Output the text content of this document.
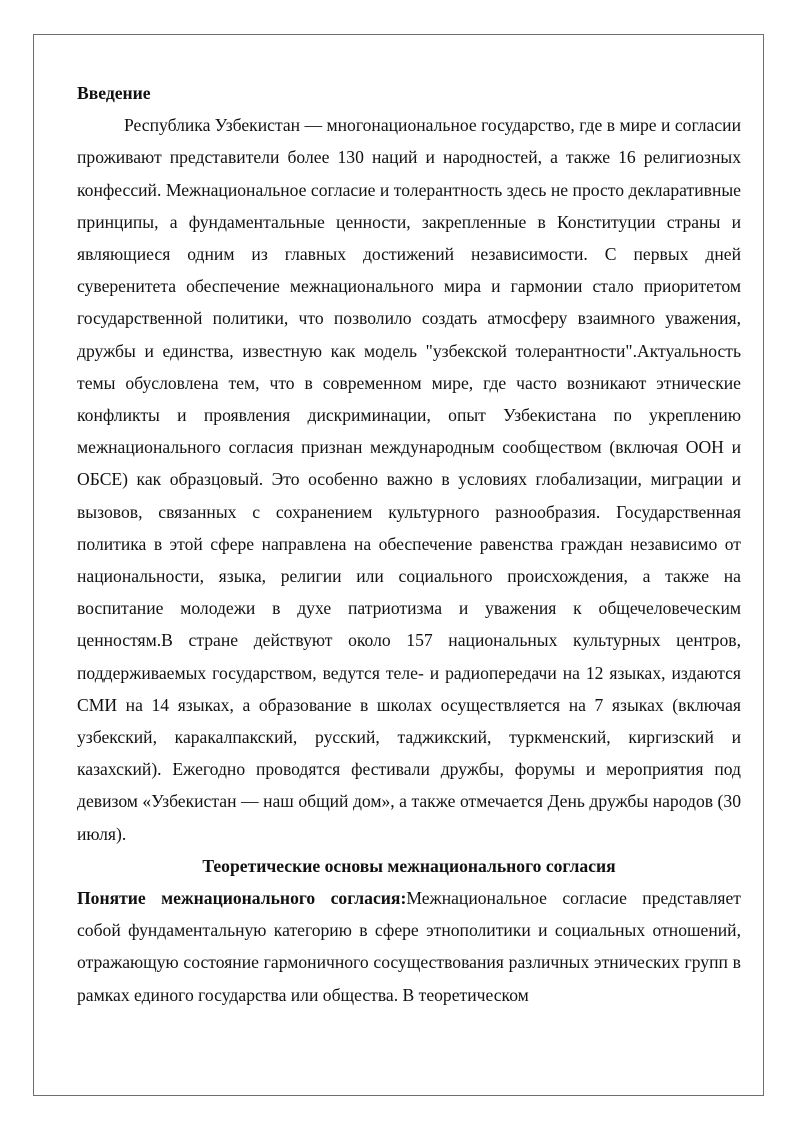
Введение

Республика Узбекистан — многонациональное государство, где в мире и согласии проживают представители более 130 наций и народностей, а также 16 религиозных конфессий. Межнациональное согласие и толерантность здесь не просто декларативные принципы, а фундаментальные ценности, закрепленные в Конституции страны и являющиеся одним из главных достижений независимости. С первых дней суверенитета обеспечение межнационального мира и гармонии стало приоритетом государственной политики, что позволило создать атмосферу взаимного уважения, дружбы и единства, известную как модель "узбекской толерантности".Актуальность темы обусловлена тем, что в современном мире, где часто возникают этнические конфликты и проявления дискриминации, опыт Узбекистана по укреплению межнационального согласия признан международным сообществом (включая ООН и ОБСЕ) как образцовый. Это особенно важно в условиях глобализации, миграции и вызовов, связанных с сохранением культурного разнообразия. Государственная политика в этой сфере направлена на обеспечение равенства граждан независимо от национальности, языка, религии или социального происхождения, а также на воспитание молодежи в духе патриотизма и уважения к общечеловеческим ценностям.В стране действуют около 157 национальных культурных центров, поддерживаемых государством, ведутся теле- и радиопередачи на 12 языках, издаются СМИ на 14 языках, а образование в школах осуществляется на 7 языках (включая узбекский, каракалпакский, русский, таджикский, туркменский, киргизский и казахский). Ежегодно проводятся фестивали дружбы, форумы и мероприятия под девизом «Узбекистан — наш общий дом», а также отмечается День дружбы народов (30 июля).

Теоретические основы межнационального согласия

Понятие межнационального согласия:Межнациональное согласие представляет собой фундаментальную категорию в сфере этнополитики и социальных отношений, отражающую состояние гармоничного сосуществования различных этнических групп в рамках единого государства или общества. В теоретическом
